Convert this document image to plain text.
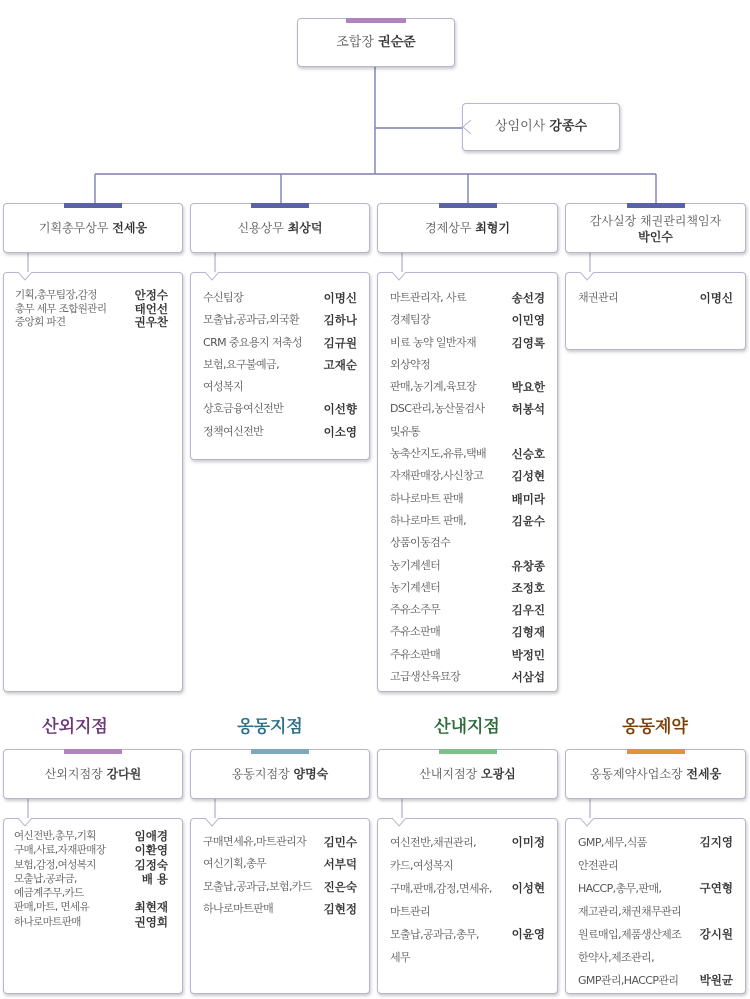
조합장 권순준
상임이사 강종수
기획총무상무 전세웅	신용상무 최상덕	경제상무 최형기	감사실장 채권관리책임자
박인수
기획,총무팀장,감정	안정수
총무 세무 조합원관리 태언선
중앙회 파견	권우찬
수신팀장	이명신
모출납,공과금,외국환 김하나
CRM 중요용지 저축성 김규원
보험,요구불예금,	고재순
여성복지
상호금융여신전반	이선향
정책여신전반	이소영
마트관리자, 사료	송선경
경제팀장	이민영
비료 농약 일반자재	김영록
외상약정
판매,농기계,육묘장	박요한
DSC관리,농산물검사 허봉석
및유통
농축산지도,유류,택배 신승호
자재판매장,사신창고 김성현
하나로마트 판매	배미라
하나로마트 판매,	김윤수
상품이동검수
농기계센터	유창종
농기계센터	조정호
주유소주무	김우진
주유소판매	김형재
주유소판매	박정민
고급생산육묘장	서삼섭
채권관리	이명신
산외지점	옹동지점	산내지점	옹동제약
산외지점장 강다원	옹동지점장 양명숙	산내지점장 오광심	옹동제약사업소장 전세웅
여신전반,총무,기획	임애경
구매,사료,자재판매장	이환영
보험,감정,여성복지	김정숙
모출납,공과금,	배 용
예금계주무,카드
판매,마트, 면세유	최현재
하나로마트판매	권영희
구매면세유,마트관리자 김민수
여신기획,총무	서부덕
모출납,공과금,보험,카드 진은숙
하나로마트판매	김현정
여신전반,채권관리,	이미정
카드,여성복지
구매,판매,감정,면세유, 이성현
마트관리
모출납,공과금,총무,	이윤영
세무
GMP,세무,식품	김지영
안전관리
HACCP,총무,판매,	구연형
재고관리,채권채무관리
원료매입,제품생산제조 강시원
한약사,제조관리,
GMP관리,HACCP관리 박원균
